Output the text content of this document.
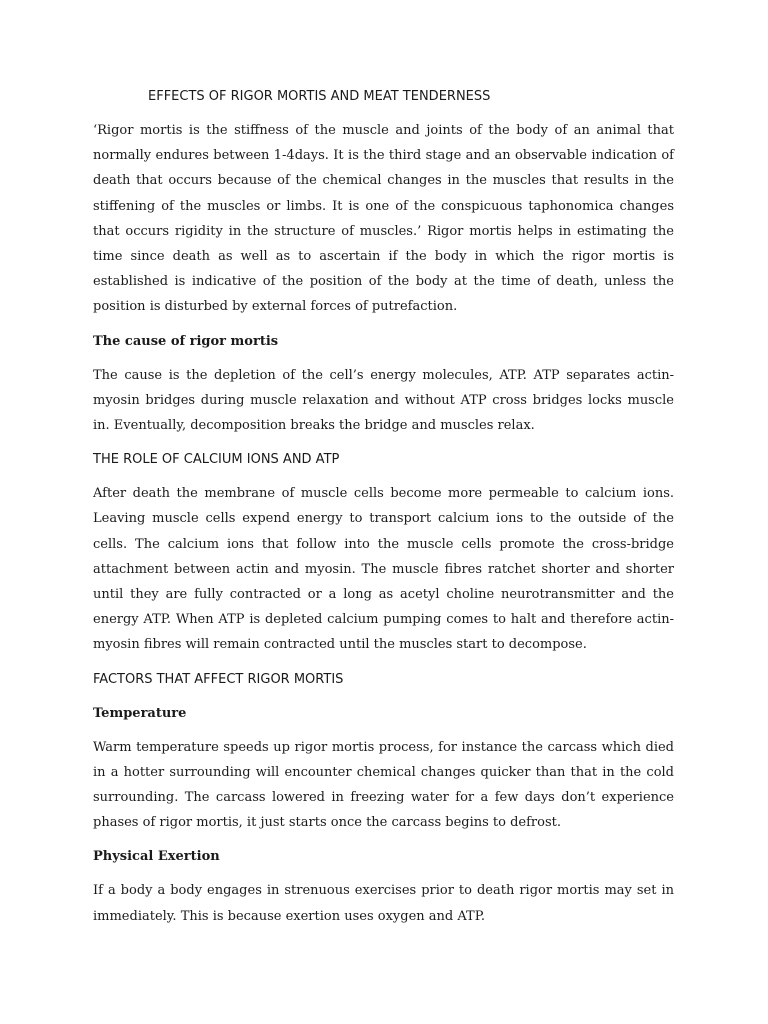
EFFECTS OF RIGOR MORTIS AND MEAT TENDERNESS

‘Rigor mortis is the stiffness of the muscle and joints of the body of an animal that normally endures between 1-4days. It is the third stage and an observable indication of death that occurs because of the chemical changes in the muscles that results in the stiffening of the muscles or limbs. It is one of the conspicuous taphonomica changes that occurs rigidity in the structure of muscles.’ Rigor mortis helps in estimating the time since death as well as to ascertain if the body in which the rigor mortis is established is indicative of the position of the body at the time of death, unless the position is disturbed by external forces of putrefaction.

The cause of rigor mortis

The cause is the depletion of the cell’s energy molecules, ATP. ATP separates actin-myosin bridges during muscle relaxation and without ATP cross bridges locks muscle in. Eventually, decomposition breaks the bridge and muscles relax.

THE ROLE OF CALCIUM IONS AND ATP

After death the membrane of muscle cells become more permeable to calcium ions. Leaving muscle cells expend energy to transport calcium ions to the outside of the cells. The calcium ions that follow into the muscle cells promote the cross-bridge attachment between actin and myosin. The muscle fibres ratchet shorter and shorter until they are fully contracted or a long as acetyl choline neurotransmitter and the energy ATP. When ATP is depleted calcium pumping comes to halt and therefore actin-myosin fibres will remain contracted until the muscles start to decompose.

FACTORS THAT AFFECT RIGOR MORTIS
Temperature

Warm temperature speeds up rigor mortis process, for instance the carcass which died in a hotter surrounding will encounter chemical changes quicker than that in the cold surrounding. The carcass lowered in freezing water for a few days don’t experience phases of rigor mortis, it just starts once the carcass begins to defrost.

Physical Exertion

If a body a body engages in strenuous exercises prior to death rigor mortis may set in immediately. This is because exertion uses oxygen and ATP.
